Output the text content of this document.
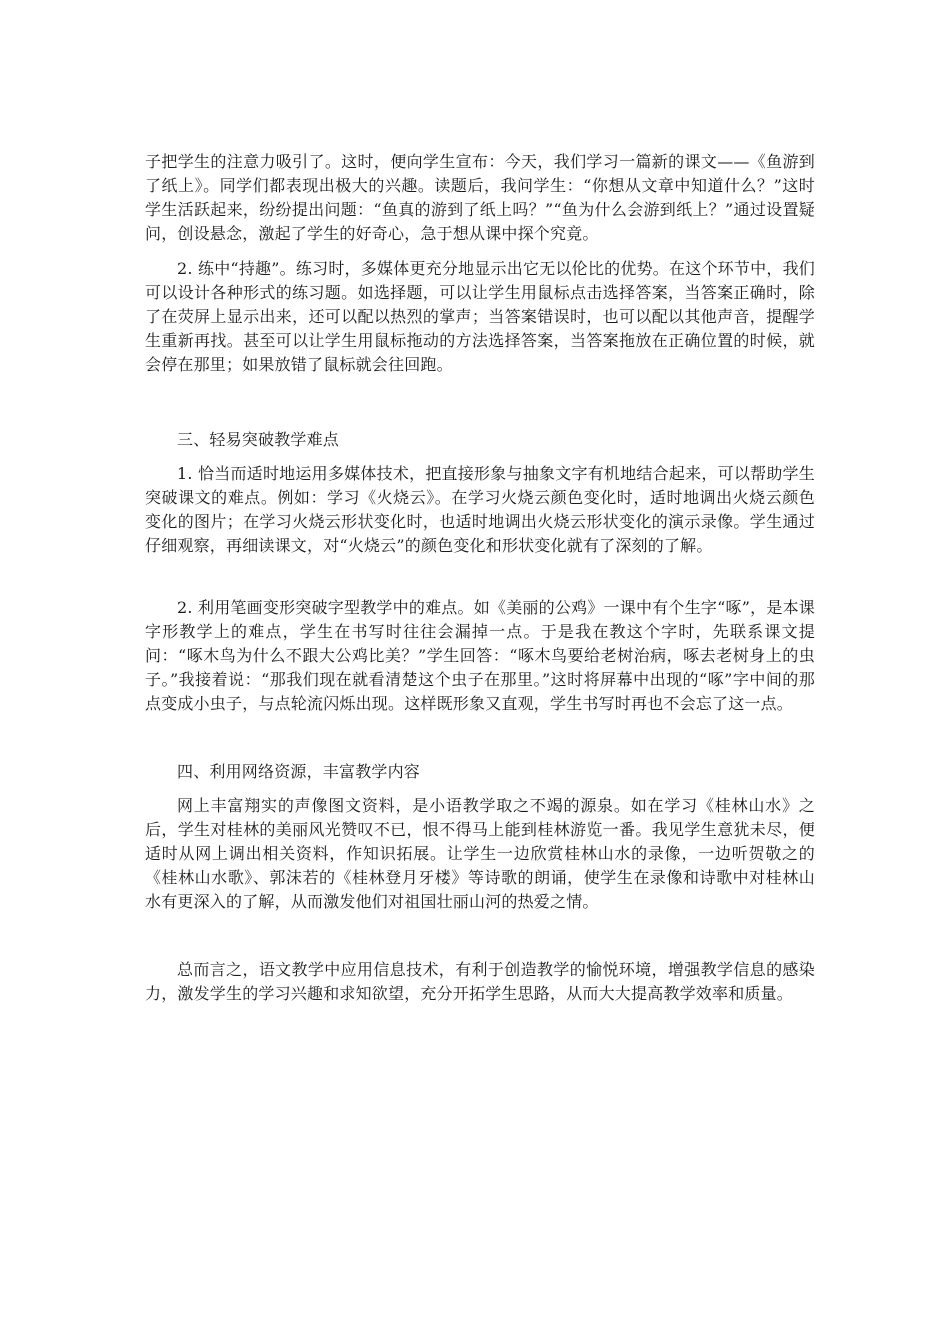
子把学生的注意力吸引了。这时，便向学生宣布：今天，我们学习一篇新的课文——《鱼游到了纸上》。同学们都表现出极大的兴趣。读题后，我问学生：“你想从文章中知道什么？”这时学生活跃起来，纷纷提出问题：“鱼真的游到了纸上吗？”“鱼为什么会游到纸上？”通过设置疑问，创设悬念，激起了学生的好奇心，急于想从课中探个究竟。

2. 练中“持趣”。练习时，多媒体更充分地显示出它无以伦比的优势。在这个环节中，我们可以设计各种形式的练习题。如选择题，可以让学生用鼠标点击选择答案，当答案正确时，除了在荧屏上显示出来，还可以配以热烈的掌声；当答案错误时，也可以配以其他声音，提醒学生重新再找。甚至可以让学生用鼠标拖动的方法选择答案，当答案拖放在正确位置的时候，就会停在那里；如果放错了鼠标就会往回跑。

三、轻易突破教学难点

1. 恰当而适时地运用多媒体技术，把直接形象与抽象文字有机地结合起来，可以帮助学生突破课文的难点。例如：学习《火烧云》。在学习火烧云颜色变化时，适时地调出火烧云颜色变化的图片；在学习火烧云形状变化时，也适时地调出火烧云形状变化的演示录像。学生通过仔细观察，再细读课文，对“火烧云”的颜色变化和形状变化就有了深刻的了解。

2. 利用笔画变形突破字型教学中的难点。如《美丽的公鸡》一课中有个生字“啄”，是本课字形教学上的难点，学生在书写时往往会漏掉一点。于是我在教这个字时，先联系课文提问：“啄木鸟为什么不跟大公鸡比美？”学生回答：“啄木鸟要给老树治病，啄去老树身上的虫子。”我接着说：“那我们现在就看清楚这个虫子在那里。”这时将屏幕中出现的“啄”字中间的那点变成小虫子，与点轮流闪烁出现。这样既形象又直观，学生书写时再也不会忘了这一点。

四、利用网络资源，丰富教学内容

网上丰富翔实的声像图文资料，是小语教学取之不竭的源泉。如在学习《桂林山水》之后，学生对桂林的美丽风光赞叹不已，恨不得马上能到桂林游览一番。我见学生意犹未尽，便适时从网上调出相关资料，作知识拓展。让学生一边欣赏桂林山水的录像，一边听贺敬之的《桂林山水歌》、郭沫若的《桂林登月牙楼》等诗歌的朗诵，使学生在录像和诗歌中对桂林山水有更深入的了解，从而激发他们对祖国壮丽山河的热爱之情。

总而言之，语文教学中应用信息技术，有利于创造教学的愉悦环境，增强教学信息的感染力，激发学生的学习兴趣和求知欲望，充分开拓学生思路，从而大大提高教学效率和质量。
